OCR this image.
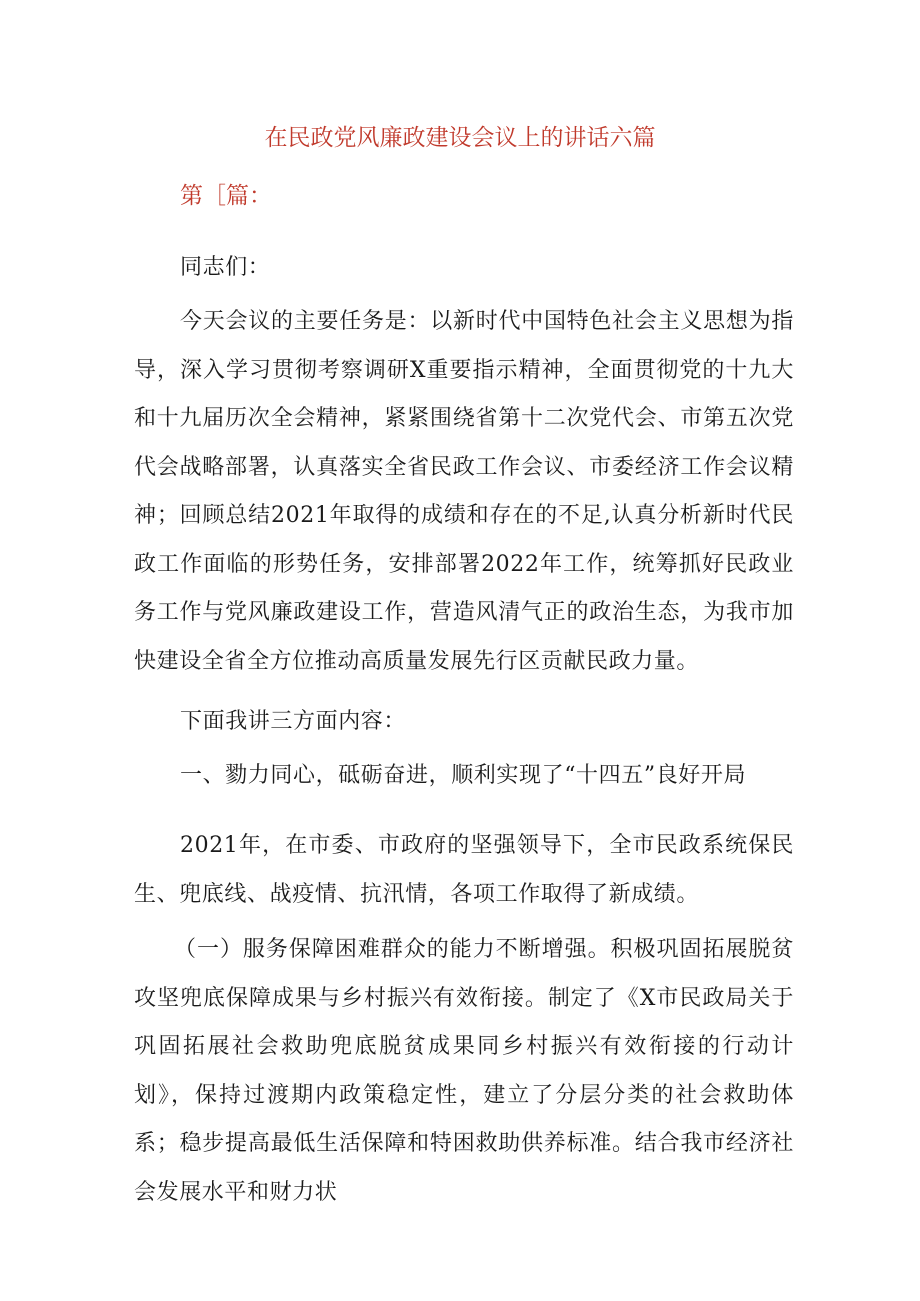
在民政党风廉政建设会议上的讲话六篇
第［篇：
同志们：
今天会议的主要任务是：以新时代中国特色社会主义思想为指导，深入学习贯彻考察调研X重要指示精神，全面贯彻党的十九大和十九届历次全会精神，紧紧围绕省第十二次党代会、市第五次党代会战略部署，认真落实全省民政工作会议、市委经济工作会议精神；回顾总结2021年取得的成绩和存在的不足,认真分析新时代民政工作面临的形势任务，安排部署2022年工作，统筹抓好民政业务工作与党风廉政建设工作，营造风清气正的政治生态，为我市加快建设全省全方位推动高质量发展先行区贡献民政力量。
下面我讲三方面内容：
一、勠力同心，砥砺奋进，顺利实现了“十四五”良好开局
2021年，在市委、市政府的坚强领导下，全市民政系统保民生、兜底线、战疫情、抗汛情，各项工作取得了新成绩。
（一）服务保障困难群众的能力不断增强。积极巩固拓展脱贫攻坚兜底保障成果与乡村振兴有效衔接。制定了《X市民政局关于巩固拓展社会救助兜底脱贫成果同乡村振兴有效衔接的行动计划》，保持过渡期内政策稳定性，建立了分层分类的社会救助体系；稳步提高最低生活保障和特困救助供养标准。结合我市经济社会发展水平和财力状
